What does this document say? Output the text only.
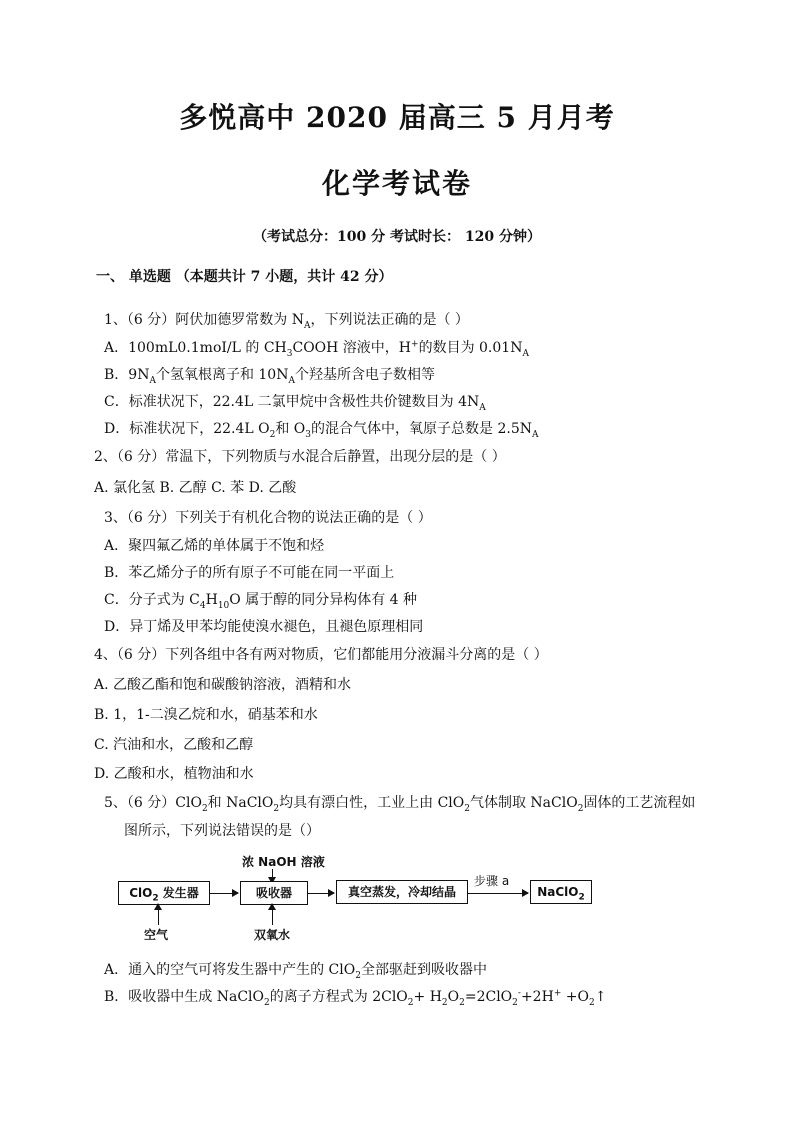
多悦高中 2020 届高三 5 月月考
化学考试卷
（考试总分：100 分 考试时长： 120 分钟）
一、 单选题 （本题共计 7 小题，共计 42 分）
1、（6 分）阿伏加德罗常数为 $N_A$，下列说法正确的是（ ）
A．100mL0.1moI/L 的 $CH_3COOH$ 溶液中，H+的数目为 $0.01N_A$
B．$9N_A$个氢氧根离子和 $10N_A$个羟基所含电子数相等
C．标准状况下，22.4L 二氯甲烷中含极性共价键数目为 $4N_A$
D．标准状况下，22.4L $O_2$和 $O_3$的混合气体中，氧原子总数是 $2.5N_A$
2、（6 分）常温下，下列物质与水混合后静置，出现分层的是（ ）
A. 氯化氢 B. 乙醇 C. 苯 D. 乙酸
3、（6 分）下列关于有机化合物的说法正确的是（ ）
A．聚四氟乙烯的单体属于不饱和烃
B．苯乙烯分子的所有原子不可能在同一平面上
C．分子式为 $C_4H_{10}O$ 属于醇的同分异构体有 4 种
D．异丁烯及甲苯均能使溴水褪色，且褪色原理相同
4、（6 分）下列各组中各有两对物质，它们都能用分液漏斗分离的是（ ）
A. 乙酸乙酯和饱和碳酸钠溶液，酒精和水
B. 1，1-二溴乙烷和水，硝基苯和水
C. 汽油和水，乙酸和乙醇
D. 乙酸和水，植物油和水
5、（6 分）ClO$_2$和 NaClO$_2$均具有漂白性，工业上由 ClO$_2$气体制取 NaClO$_2$固体的工艺流程如
图所示，下列说法错误的是（）
浓 NaOH 溶液
ClO$_2$ 发生器	吸收器	真空蒸发，冷却结晶
步骤 a
NaClO$_2$
空气	双氧水
A．通入的空气可将发生器中产生的 ClO$_2$全部驱赶到吸收器中
B．吸收器中生成 NaClO$_2$的离子方程式为 $2ClO_2+ H_2O_2=2ClO_2^-+2H^+$ $+O_2↑$
